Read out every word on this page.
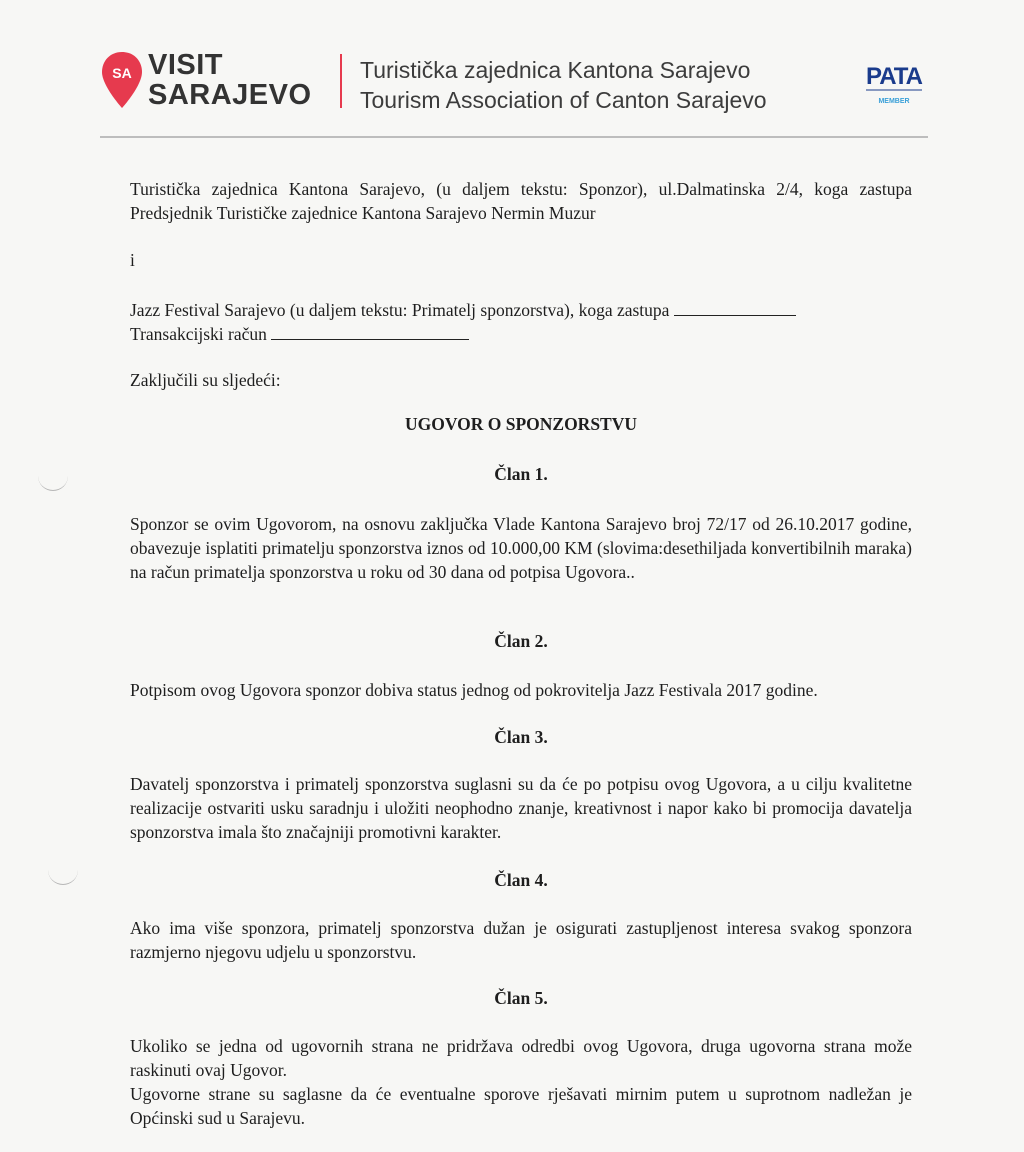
SA VISIT
SARAJEVO
Turistička zajednica Kantona Sarajevo
Tourism Association of Canton Sarajevo
PATA
MEMBER
Turistička zajednica Kantona Sarajevo, (u daljem tekstu: Sponzor), ul.Dalmatinska 2/4, koga zastupa Predsjednik Turističke zajednice Kantona Sarajevo Nermin Muzur
i
Jazz Festival Sarajevo (u daljem tekstu: Primatelj sponzorstva), koga zastupa
Transakcijski račun
Zaključili su sljedeći:
UGOVOR O SPONZORSTVU
Član 1.
Sponzor se ovim Ugovorom, na osnovu zaključka Vlade Kantona Sarajevo broj 72/17 od 26.10.2017 godine, obavezuje isplatiti primatelju sponzorstva iznos od 10.000,00 KM (slovima:desethiljada konvertibilnih maraka) na račun primatelja sponzorstva u roku od 30 dana od potpisa Ugovora..
Član 2.
Potpisom ovog Ugovora sponzor dobiva status jednog od pokrovitelja Jazz Festivala 2017 godine.
Član 3.
Davatelj sponzorstva i primatelj sponzorstva suglasni su da će po potpisu ovog Ugovora, a u cilju kvalitetne realizacije ostvariti usku saradnju i uložiti neophodno znanje, kreativnost i napor kako bi promocija davatelja sponzorstva imala što značajniji promotivni karakter.
Član 4.
Ako ima više sponzora, primatelj sponzorstva dužan je osigurati zastupljenost interesa svakog sponzora razmjerno njegovu udjelu u sponzorstvu.
Član 5.
Ukoliko se jedna od ugovornih strana ne pridržava odredbi ovog Ugovora, druga ugovorna strana može raskinuti ovaj Ugovor.
Ugovorne strane su saglasne da će eventualne sporove rješavati mirnim putem u suprotnom nadležan je Općinski sud u Sarajevu.
